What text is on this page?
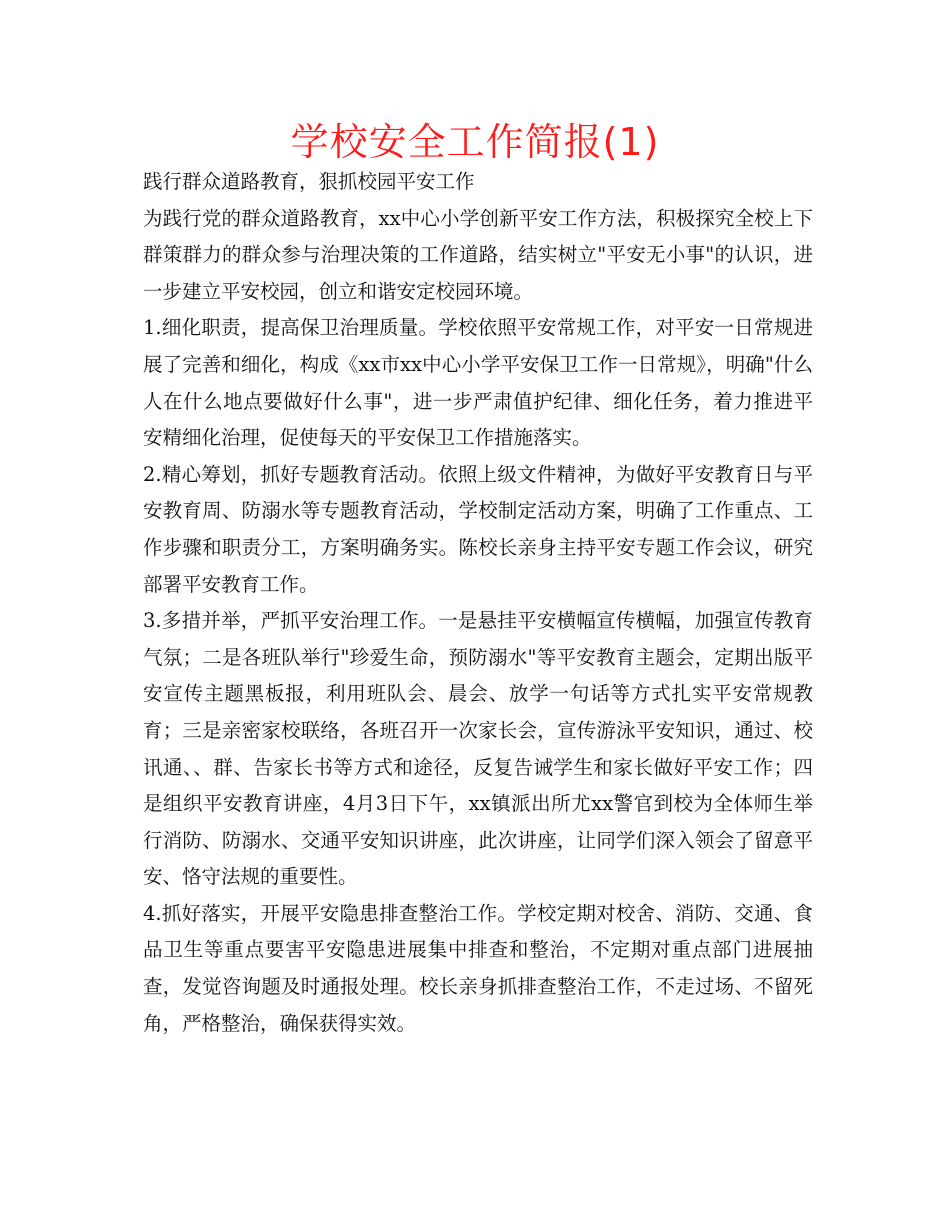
学校安全工作简报(1)

践行群众道路教育，狠抓校园平安工作

为践行党的群众道路教育，xx中心小学创新平安工作方法，积极探究全校上下群策群力的群众参与治理决策的工作道路，结实树立"平安无小事"的认识，进一步建立平安校园，创立和谐安定校园环境。

1.细化职责，提高保卫治理质量。学校依照平安常规工作，对平安一日常规进展了完善和细化，构成《xx市xx中心小学平安保卫工作一日常规》，明确"什么人在什么地点要做好什么事"，进一步严肃值护纪律、细化任务，着力推进平安精细化治理，促使每天的平安保卫工作措施落实。

2.精心筹划，抓好专题教育活动。依照上级文件精神，为做好平安教育日与平安教育周、防溺水等专题教育活动，学校制定活动方案，明确了工作重点、工作步骤和职责分工，方案明确务实。陈校长亲身主持平安专题工作会议，研究部署平安教育工作。

3.多措并举，严抓平安治理工作。一是悬挂平安横幅宣传横幅，加强宣传教育气氛；二是各班队举行"珍爱生命，预防溺水"等平安教育主题会，定期出版平安宣传主题黑板报，利用班队会、晨会、放学一句话等方式扎实平安常规教育；三是亲密家校联络，各班召开一次家长会，宣传游泳平安知识，通过、校讯通、、群、告家长书等方式和途径，反复告诫学生和家长做好平安工作；四是组织平安教育讲座，4月3日下午，xx镇派出所尤xx警官到校为全体师生举行消防、防溺水、交通平安知识讲座，此次讲座，让同学们深入领会了留意平安、恪守法规的重要性。

4.抓好落实，开展平安隐患排查整治工作。学校定期对校舍、消防、交通、食品卫生等重点要害平安隐患进展集中排查和整治，不定期对重点部门进展抽查，发觉咨询题及时通报处理。校长亲身抓排查整治工作，不走过场、不留死角，严格整治，确保获得实效。
